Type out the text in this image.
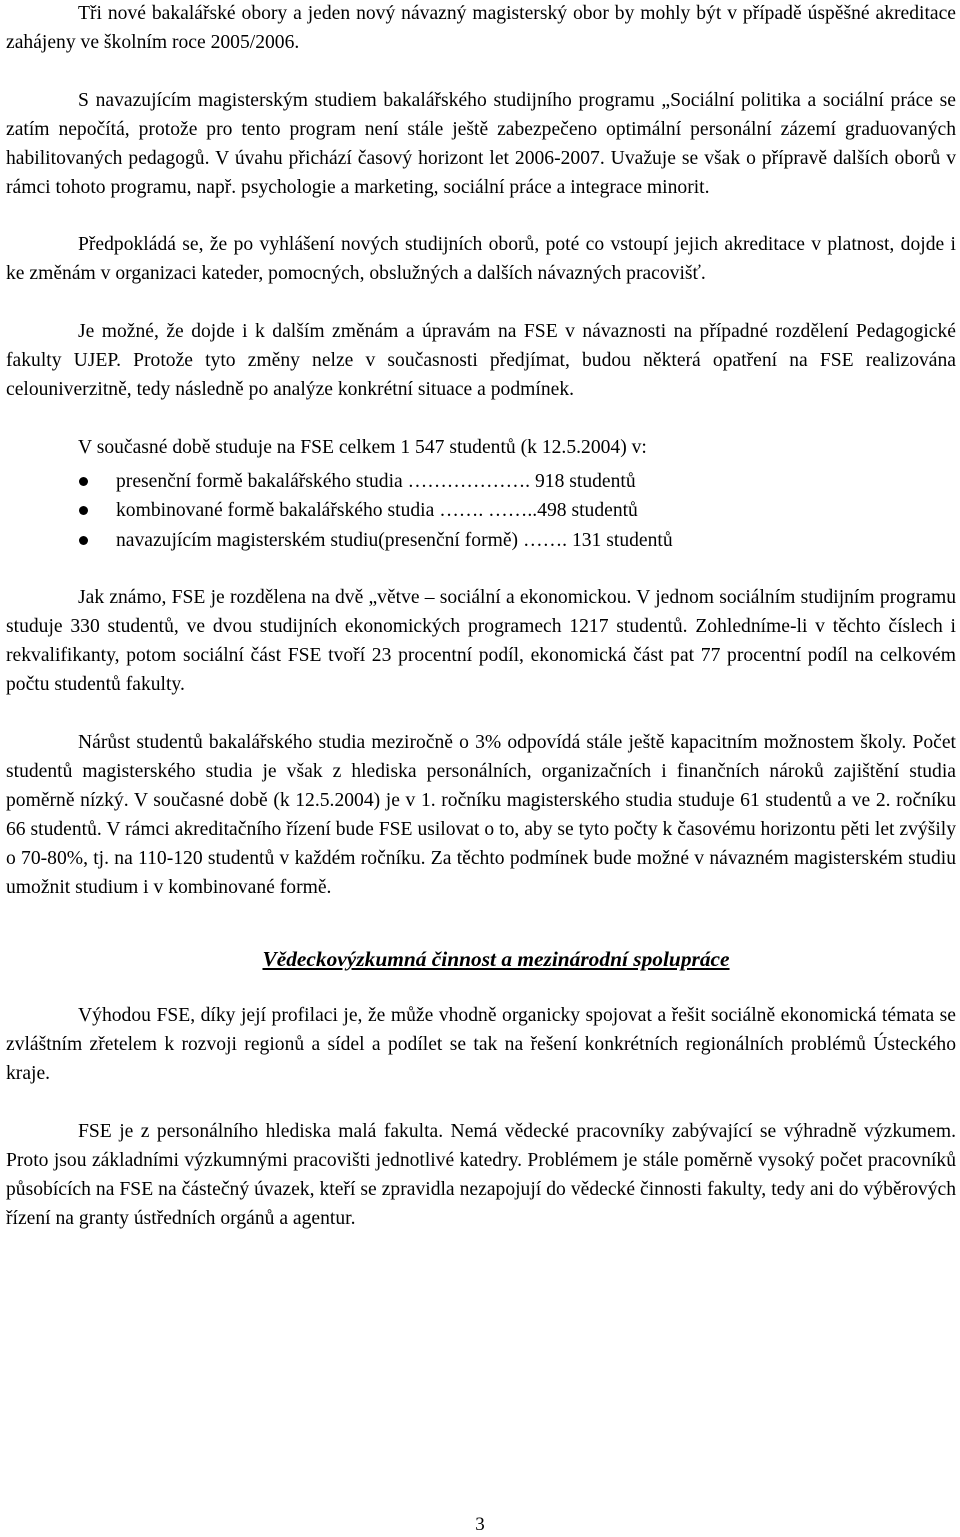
Tři nové bakalářské obory a jeden nový návazný magisterský obor by mohly být v případě úspěšné akreditace zahájeny ve školním roce 2005/2006.

S navazujícím magisterským studiem bakalářského studijního programu „Sociální politika a sociální práce se zatím nepočítá, protože pro tento program není stále ještě zabezpečeno optimální personální zázemí graduovaných habilitovaných pedagogů. V úvahu přichází časový horizont let 2006-2007. Uvažuje se však o přípravě dalších oborů v rámci tohoto programu, např. psychologie a marketing, sociální práce a integrace minorit.

Předpokládá se, že po vyhlášení nových studijních oborů, poté co vstoupí jejich akreditace v platnost, dojde i ke změnám v organizaci kateder, pomocných, obslužných a dalších návazných pracovišť.

Je možné, že dojde i k dalším změnám a úpravám na FSE v návaznosti na případné rozdělení Pedagogické fakulty UJEP. Protože tyto změny nelze v současnosti předjímat, budou některá opatření na FSE realizována celouniverzitně, tedy následně po analýze konkrétní situace a podmínek.

V současné době studuje na FSE celkem 1 547 studentů (k 12.5.2004) v:

presenční formě bakalářského studia ………………. 918 studentů
kombinované formě bakalářského studia ……. ……..498 studentů
navazujícím magisterském studiu(presenční formě) ……. 131 studentů

Jak známo, FSE je rozdělena na dvě „větve – sociální a ekonomickou. V jednom sociálním studijním programu studuje 330 studentů, ve dvou studijních ekonomických programech 1217 studentů. Zohledníme-li v těchto číslech i rekvalifikanty, potom sociální část FSE tvoří 23 procentní podíl, ekonomická část pat 77 procentní podíl na celkovém počtu studentů fakulty.

Nárůst studentů bakalářského studia meziročně o 3% odpovídá stále ještě kapacitním možnostem školy. Počet studentů magisterského studia je však z hlediska personálních, organizačních i finančních nároků zajištění studia poměrně nízký. V současné době (k 12.5.2004) je v 1. ročníku magisterského studia studuje 61 studentů a ve 2. ročníku 66 studentů. V rámci akreditačního řízení bude FSE usilovat o to, aby se tyto počty k časovému horizontu pěti let zvýšily o 70-80%, tj. na 110-120 studentů v každém ročníku. Za těchto podmínek bude možné v návazném magisterském studiu umožnit studium i v kombinované formě.

Vědeckovýzkumná činnost a mezinárodní spolupráce

Výhodou FSE, díky její profilaci je, že může vhodně organicky spojovat a řešit sociálně ekonomická témata se zvláštním zřetelem k rozvoji regionů a sídel a podílet se tak na řešení konkrétních regionálních problémů Ústeckého kraje.

FSE je z personálního hlediska malá fakulta. Nemá vědecké pracovníky zabývající se výhradně výzkumem. Proto jsou základními výzkumnými pracovišti jednotlivé katedry. Problémem je stále poměrně vysoký počet pracovníků působících na FSE na částečný úvazek, kteří se zpravidla nezapojují do vědecké činnosti fakulty, tedy ani do výběrových řízení na granty ústředních orgánů a agentur.

3
